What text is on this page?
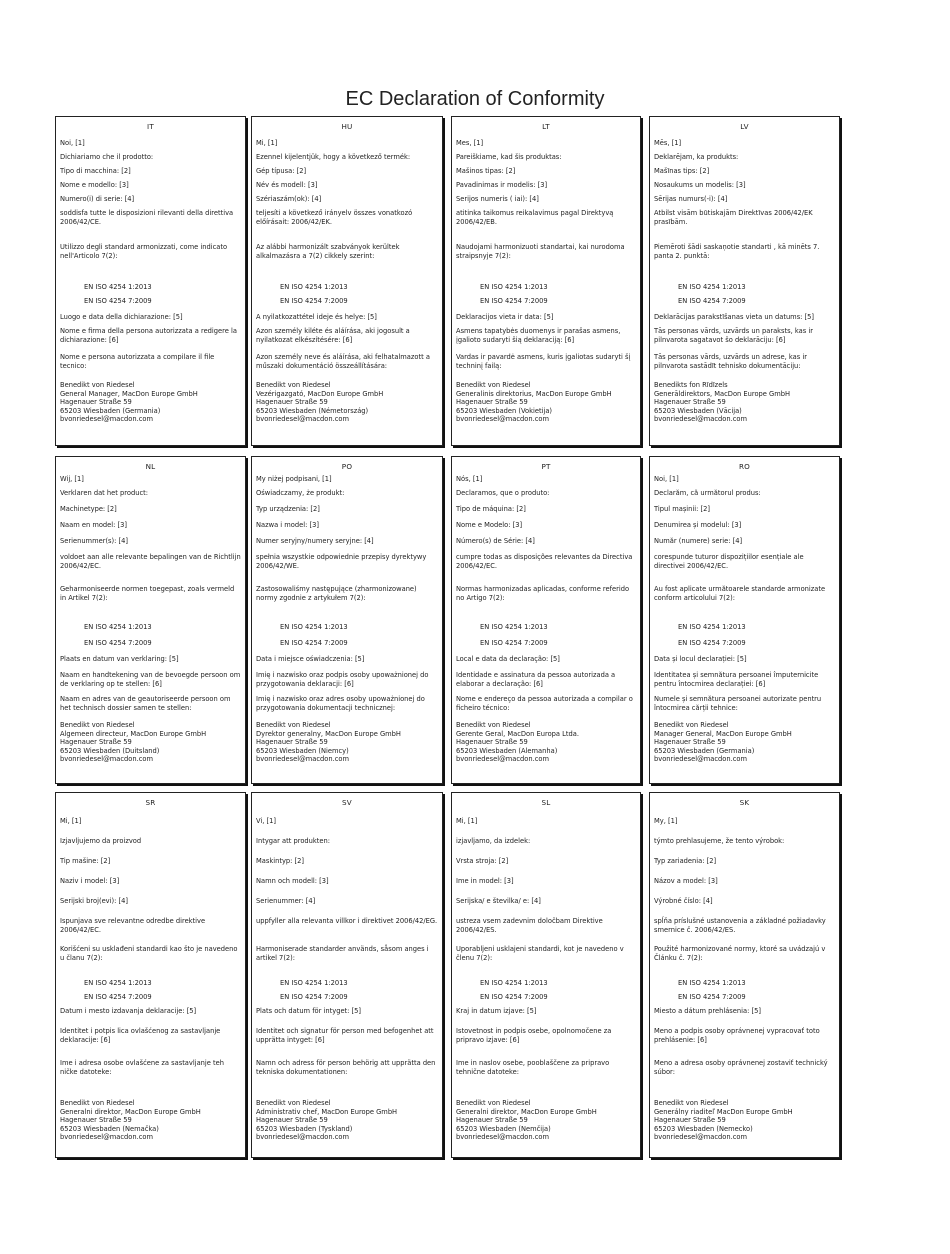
EC Declaration of Conformity
IT
Noi, [1]
Dichiariamo che il prodotto:
Tipo di macchina: [2]
Nome e modello: [3]
Numero(i) di serie: [4]
soddisfa tutte le disposizioni rilevanti della direttiva 2006/42/CE.
Utilizzo degli standard armonizzati, come indicato nell'Articolo 7(2):
EN ISO 4254 1:2013
EN ISO 4254 7:2009
Luogo e data della dichiarazione: [5]
Nome e firma della persona autorizzata a redigere la dichiarazione: [6]
Nome e persona autorizzata a compilare il file tecnico:
Benedikt von Riedesel
General Manager, MacDon Europe GmbH
Hagenauer Straße 59
65203 Wiesbaden (Germania)
bvonriedesel@macdon.com
HU
Mi, [1]
Ezennel kijelentjük, hogy a következő termék:
Gép típusa: [2]
Név és modell: [3]
Szériaszám(ok): [4]
teljesíti a következő irányelv összes vonatkozó előírásait: 2006/42/EK.
Az alábbi harmonizált szabványok kerültek alkalmazásra a 7(2) cikkely szerint:
EN ISO 4254 1:2013
EN ISO 4254 7:2009
A nyilatkozattétel ideje és helye: [5]
Azon személy kiléte és aláírása, aki jogosult a nyilatkozat elkészítésére: [6]
Azon személy neve és aláírása, aki felhatalmazott a műszaki dokumentáció összeállítására:
Benedikt von Riedesel
Vezérigazgató, MacDon Europe GmbH
Hagenauer Straße 59
65203 Wiesbaden (Németország)
bvonriedesel@macdon.com
LT
Mes, [1]
Pareiškiame, kad šis produktas:
Mašinos tipas: [2]
Pavadinimas ir modelis: [3]
Serijos numeris ( iai): [4]
atitinka taikomus reikalavimus pagal Direktyvą 2006/42/EB.
Naudojami harmonizuoti standartai, kai nurodoma straipsnyje 7(2):
EN ISO 4254 1:2013
EN ISO 4254 7:2009
Deklaracijos vieta ir data: [5]
Asmens tapatybės duomenys ir parašas asmens, įgalioto sudaryti šią deklaraciją: [6]
Vardas ir pavardė asmens, kuris įgaliotas sudaryti šį techninį failą:
Benedikt von Riedesel
Generalinis direktorius, MacDon Europe GmbH
Hagenauer Straße 59
65203 Wiesbaden (Vokietija)
bvonriedesel@macdon.com
LV
Mēs, [1]
Deklarējam, ka produkts:
Mašīnas tips: [2]
Nosaukums un modelis: [3]
Sērijas numurs(-i): [4]
Atbilst visām būtiskajām Direktīvas 2006/42/EK prasībām.
Piemēroti šādi saskaņotie standarti , kā minēts 7. panta 2. punktā:
EN ISO 4254 1:2013
EN ISO 4254 7:2009
Deklarācijas parakstīšanas vieta un datums: [5]
Tās personas vārds, uzvārds un paraksts, kas ir pilnvarota sagatavot šo deklarāciju: [6]
Tās personas vārds, uzvārds un adrese, kas ir pilnvarota sastādīt tehnisko dokumentāciju:
Benedikts fon Rīdīzels
Generāldirektors, MacDon Europe GmbH
Hagenauer Straße 59
65203 Wiesbaden (Vācija)
bvonriedesel@macdon.com
NL
Wij, [1]
Verklaren dat het product:
Machinetype: [2]
Naam en model: [3]
Serienummer(s): [4]
voldoet aan alle relevante bepalingen van de Richtlijn 2006/42/EC.
Geharmoniseerde normen toegepast, zoals vermeld in Artikel 7(2):
EN ISO 4254 1:2013
EN ISO 4254 7:2009
Plaats en datum van verklaring: [5]
Naam en handtekening van de bevoegde persoon om de verklaring op te stellen: [6]
Naam en adres van de geautoriseerde persoon om het technisch dossier samen te stellen:
Benedikt von Riedesel
Algemeen directeur, MacDon Europe GmbH
Hagenauer Straße 59
65203 Wiesbaden (Duitsland)
bvonriedesel@macdon.com
PO
My niżej podpisani, [1]
Oświadczamy, że produkt:
Typ urządzenia: [2]
Nazwa i model: [3]
Numer seryjny/numery seryjne: [4]
spełnia wszystkie odpowiednie przepisy dyrektywy 2006/42/WE.
Zastosowaliśmy następujące (zharmonizowane) normy zgodnie z artykułem 7(2):
EN ISO 4254 1:2013
EN ISO 4254 7:2009
Data i miejsce oświadczenia: [5]
Imię i nazwisko oraz podpis osoby upoważnionej do przygotowania deklaracji: [6]
Imię i nazwisko oraz adres osoby upoważnionej do przygotowania dokumentacji technicznej:
Benedikt von Riedesel
Dyrektor generalny, MacDon Europe GmbH
Hagenauer Straße 59
65203 Wiesbaden (Niemcy)
bvonriedesel@macdon.com
PT
Nós, [1]
Declaramos, que o produto:
Tipo de máquina: [2]
Nome e Modelo: [3]
Número(s) de Série: [4]
cumpre todas as disposições relevantes da Directiva 2006/42/EC.
Normas harmonizadas aplicadas, conforme referido no Artigo 7(2):
EN ISO 4254 1:2013
EN ISO 4254 7:2009
Local e data da declaração: [5]
Identidade e assinatura da pessoa autorizada a elaborar a declaração: [6]
Nome e endereço da pessoa autorizada a compilar o ficheiro técnico:
Benedikt von Riedesel
Gerente Geral, MacDon Europa Ltda.
Hagenauer Straße 59
65203 Wiesbaden (Alemanha)
bvonriedesel@macdon.com
RO
Noi, [1]
Declarăm, că următorul produs:
Tipul mașinii: [2]
Denumirea și modelul: [3]
Număr (numere) serie: [4]
corespunde tuturor dispozițiilor esențiale ale directivei 2006/42/EC.
Au fost aplicate următoarele standarde armonizate conform articolului 7(2):
EN ISO 4254 1:2013
EN ISO 4254 7:2009
Data și locul declarației: [5]
Identitatea și semnătura persoanei împuternicite pentru întocmirea declarației: [6]
Numele și semnătura persoanei autorizate pentru întocmirea cărții tehnice:
Benedikt von Riedesel
Manager General, MacDon Europe GmbH
Hagenauer Straße 59
65203 Wiesbaden (Germania)
bvonriedesel@macdon.com
SR
Mi, [1]
Izjavljujemo da proizvod
Tip mašine: [2]
Naziv i model: [3]
Serijski broj(evi): [4]
Ispunjava sve relevantne odredbe direktive 2006/42/EC.
Korišćeni su usklađeni standardi kao što je navedeno u članu 7(2):
EN ISO 4254 1:2013
EN ISO 4254 7:2009
Datum i mesto izdavanja deklaracije: [5]
Identitet i potpis lica ovlašćenog za sastavljanje deklaracije: [6]
Ime i adresa osobe ovlašćene za sastavljanje teh ničke datoteke:
Benedikt von Riedesel
Generalni direktor, MacDon Europe GmbH
Hagenauer Straße 59
65203 Wiesbaden (Nemačka)
bvonriedesel@macdon.com
SV
Vi, [1]
Intygar att produkten:
Maskintyp: [2]
Namn och modell: [3]
Serienummer: [4]
uppfyller alla relevanta villkor i direktivet 2006/42/EG.
Harmoniserade standarder används, såsom anges i artikel 7(2):
EN ISO 4254 1:2013
EN ISO 4254 7:2009
Plats och datum för intyget: [5]
Identitet och signatur för person med befogenhet att upprätta intyget: [6]
Namn och adress för person behörig att upprätta den tekniska dokumentationen:
Benedikt von Riedesel
Administrativ chef, MacDon Europe GmbH
Hagenauer Straße 59
65203 Wiesbaden (Tyskland)
bvonriedesel@macdon.com
SL
Mi, [1]
izjavljamo, da izdelek:
Vrsta stroja: [2]
Ime in model: [3]
Serijska/ e številka/ e: [4]
ustreza vsem zadevnim določbam Direktive 2006/42/ES.
Uporabljeni usklajeni standardi, kot je navedeno v členu 7(2):
EN ISO 4254 1:2013
EN ISO 4254 7:2009
Kraj in datum izjave: [5]
Istovetnost in podpis osebe, opolnomočene za pripravo izjave: [6]
Ime in naslov osebe, pooblaščene za pripravo tehnične datoteke:
Benedikt von Riedesel
Generalni direktor, MacDon Europe GmbH
Hagenauer Straße 59
65203 Wiesbaden (Nemčija)
bvonriedesel@macdon.com
SK
My, [1]
týmto prehlasujeme, že tento výrobok:
Typ zariadenia: [2]
Názov a model: [3]
Výrobné číslo: [4]
spĺňa príslušné ustanovenia a základné požiadavky smernice č. 2006/42/ES.
Použité harmonizované normy, ktoré sa uvádzajú v Článku č. 7(2):
EN ISO 4254 1:2013
EN ISO 4254 7:2009
Miesto a dátum prehlásenia: [5]
Meno a podpis osoby oprávnenej vypracovať toto prehlásenie: [6]
Meno a adresa osoby oprávnenej zostaviť technický súbor:
Benedikt von Riedesel
Generálny riaditeľ MacDon Europe GmbH
Hagenauer Straße 59
65203 Wiesbaden (Nemecko)
bvonriedesel@macdon.com
